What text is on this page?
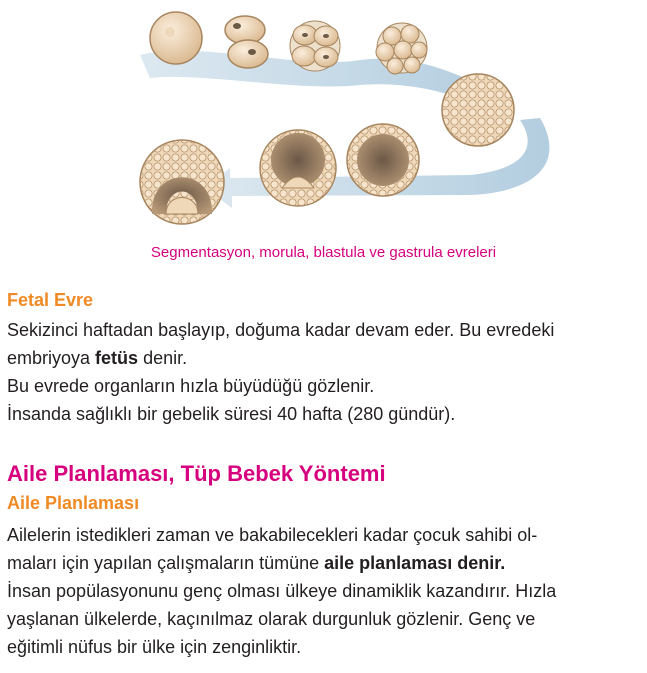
Segmentasyon, morula, blastula ve gastrula evreleri
Fetal Evre
Sekizinci haftadan başlayıp, doğuma kadar devam eder. Bu evredeki
embriyoya fetüs denir.
Bu evrede organların hızla büyüdüğü gözlenir.
İnsanda sağlıklı bir gebelik süresi 40 hafta (280 gündür).
Aile Planlaması, Tüp Bebek Yöntemi
Aile Planlaması
Ailelerin istedikleri zaman ve bakabilecekleri kadar çocuk sahibi ol-
maları için yapılan çalışmaların tümüne aile planlaması denir.
İnsan popülasyonunu genç olması ülkeye dinamiklik kazandırır. Hızla
yaşlanan ülkelerde, kaçınılmaz olarak durgunluk gözlenir. Genç ve
eğitimli nüfus bir ülke için zenginliktir.
